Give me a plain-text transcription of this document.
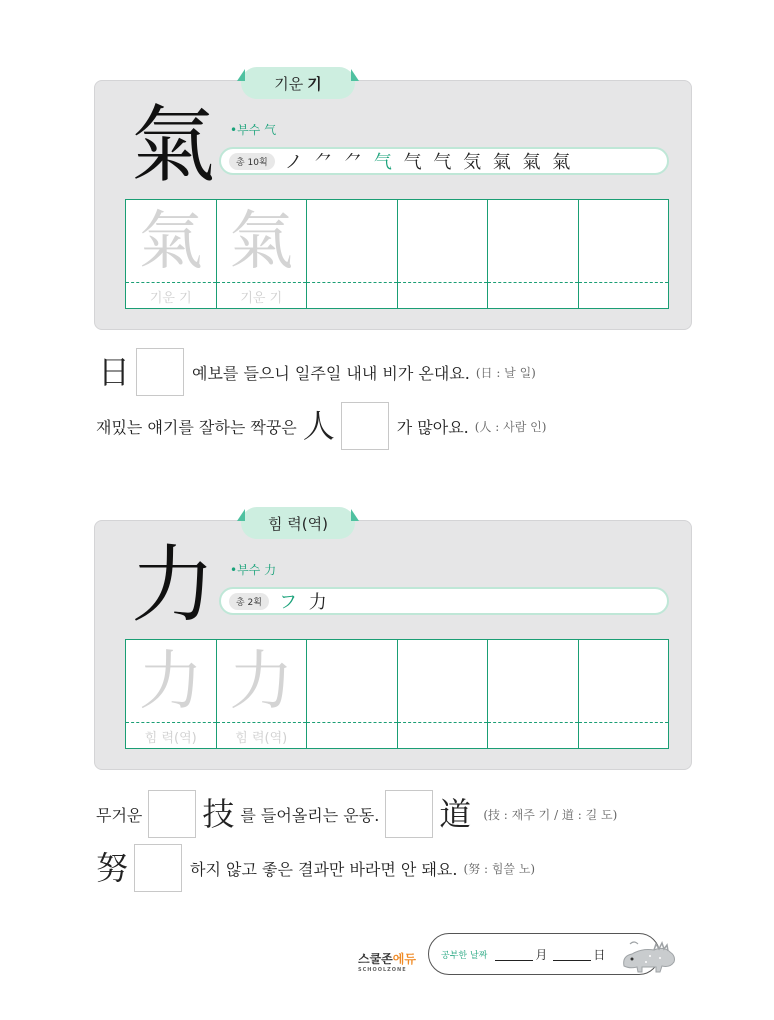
기운 기
氣 •부수 气
총 10획 ノ ⺈ ⺈ 气 气 气 気 氣 氣 氣
氣
기운 기
氣
기운 기
日	예보를 들으니 일주일 내내 비가 온대요. (日 : 날 일)
재밌는 얘기를 잘하는 짝꿍은 人	가 많아요. (人 : 사람 인)
힘 력(역)
力 •부수 力
총 2획 フ 力
力
힘 력(역)
力
힘 력(역)
무거운 技 를 들어올리는 운동. 道 (技 : 재주 기 / 道 : 길 도)
努	하지 않고 좋은 결과만 바라면 안 돼요. (努 : 힘쓸 노)
스쿨존에듀
SCHOOLZONE
공부한 날짜	月	日
